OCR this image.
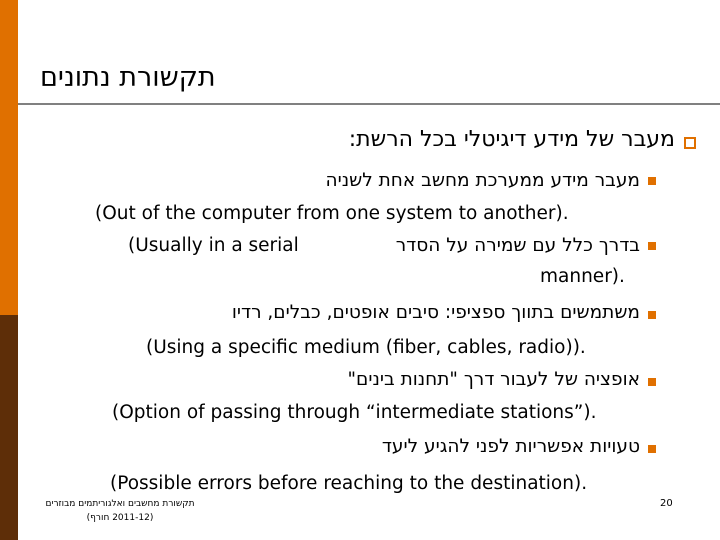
תקשורת נתונים
מעבר של מידע דיגיטלי בכל הרשת:
מעבר מידע ממערכת מחשב אחת לשניה
(Out of the computer from one system to another).
בדרך כלל עם שמירה על הסדר
(Usually in a serial
manner).
משתמשים בתווך ספציפי: סיבים אופטים, כבלים, רדיו
(Using a specific medium (fiber, cables, radio)).
אופציה של לעבור דרך "תחנות בינים"
(Option of passing through “intermediate stations”).
טעויות אפשריות לפני להגיע ליעד
(Possible errors before reaching to the destination).
תקשורת מחשבים ואלגוריתמים מבוזרים
(2011-12 חורף)
20
